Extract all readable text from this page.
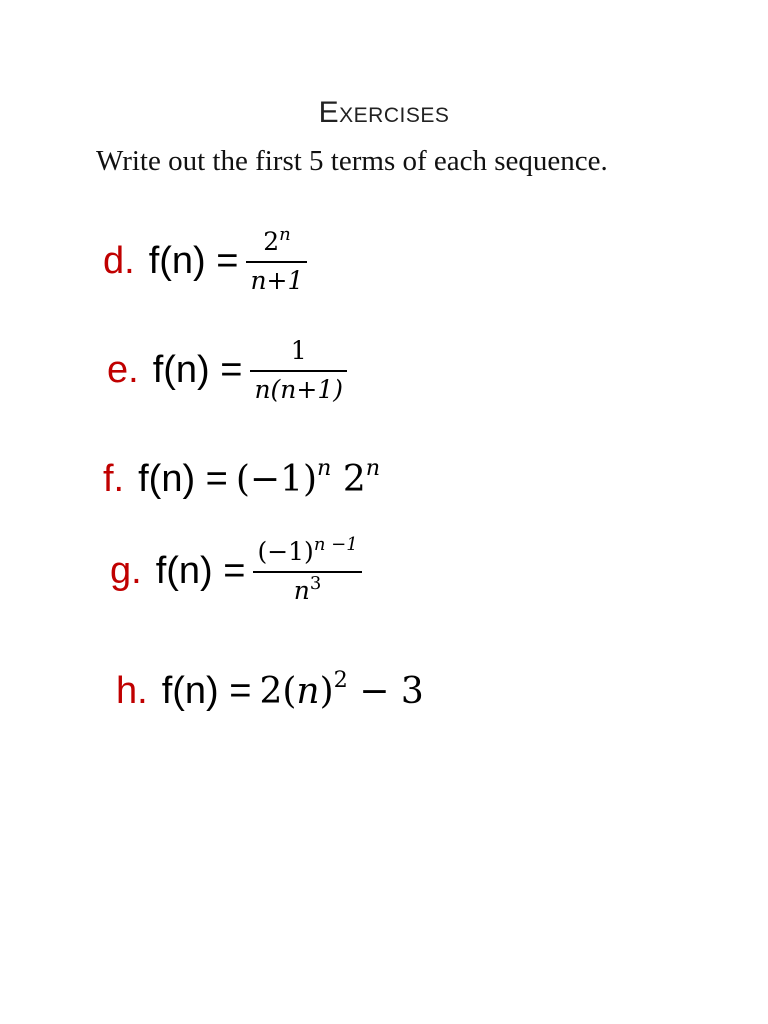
Exercises
Write out the first 5 terms of each sequence.
d. $f(n) = \frac{2^n}{n+1}$
e. $f(n) = \frac{1}{n(n+1)}$
f. $f(n) = (-1)^n$ 2$^n$
g. $f(n) = \frac{(-1)^{n -1}}{n^3}$
h. $f(n) = 2(n)^2 - 3$
